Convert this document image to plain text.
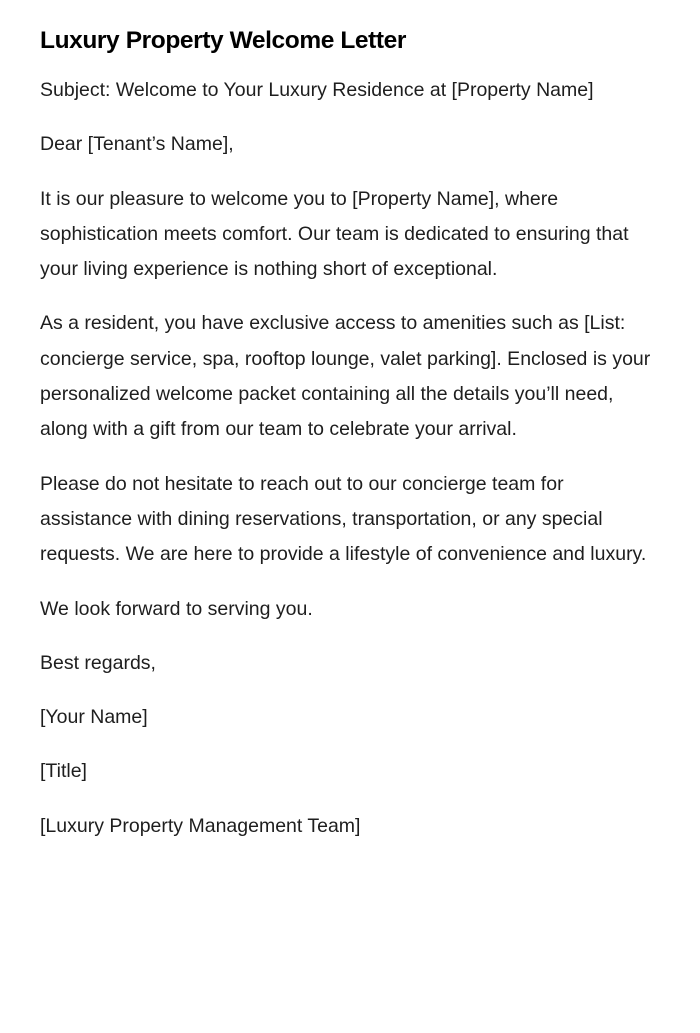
Luxury Property Welcome Letter

Subject: Welcome to Your Luxury Residence at [Property Name]

Dear [Tenant’s Name],

It is our pleasure to welcome you to [Property Name], where sophistication meets comfort. Our team is dedicated to ensuring that your living experience is nothing short of exceptional.

As a resident, you have exclusive access to amenities such as [List: concierge service, spa, rooftop lounge, valet parking]. Enclosed is your personalized welcome packet containing all the details you’ll need, along with a gift from our team to celebrate your arrival.

Please do not hesitate to reach out to our concierge team for assistance with dining reservations, transportation, or any special requests. We are here to provide a lifestyle of convenience and luxury.

We look forward to serving you.

Best regards,

[Your Name]

[Title]

[Luxury Property Management Team]
